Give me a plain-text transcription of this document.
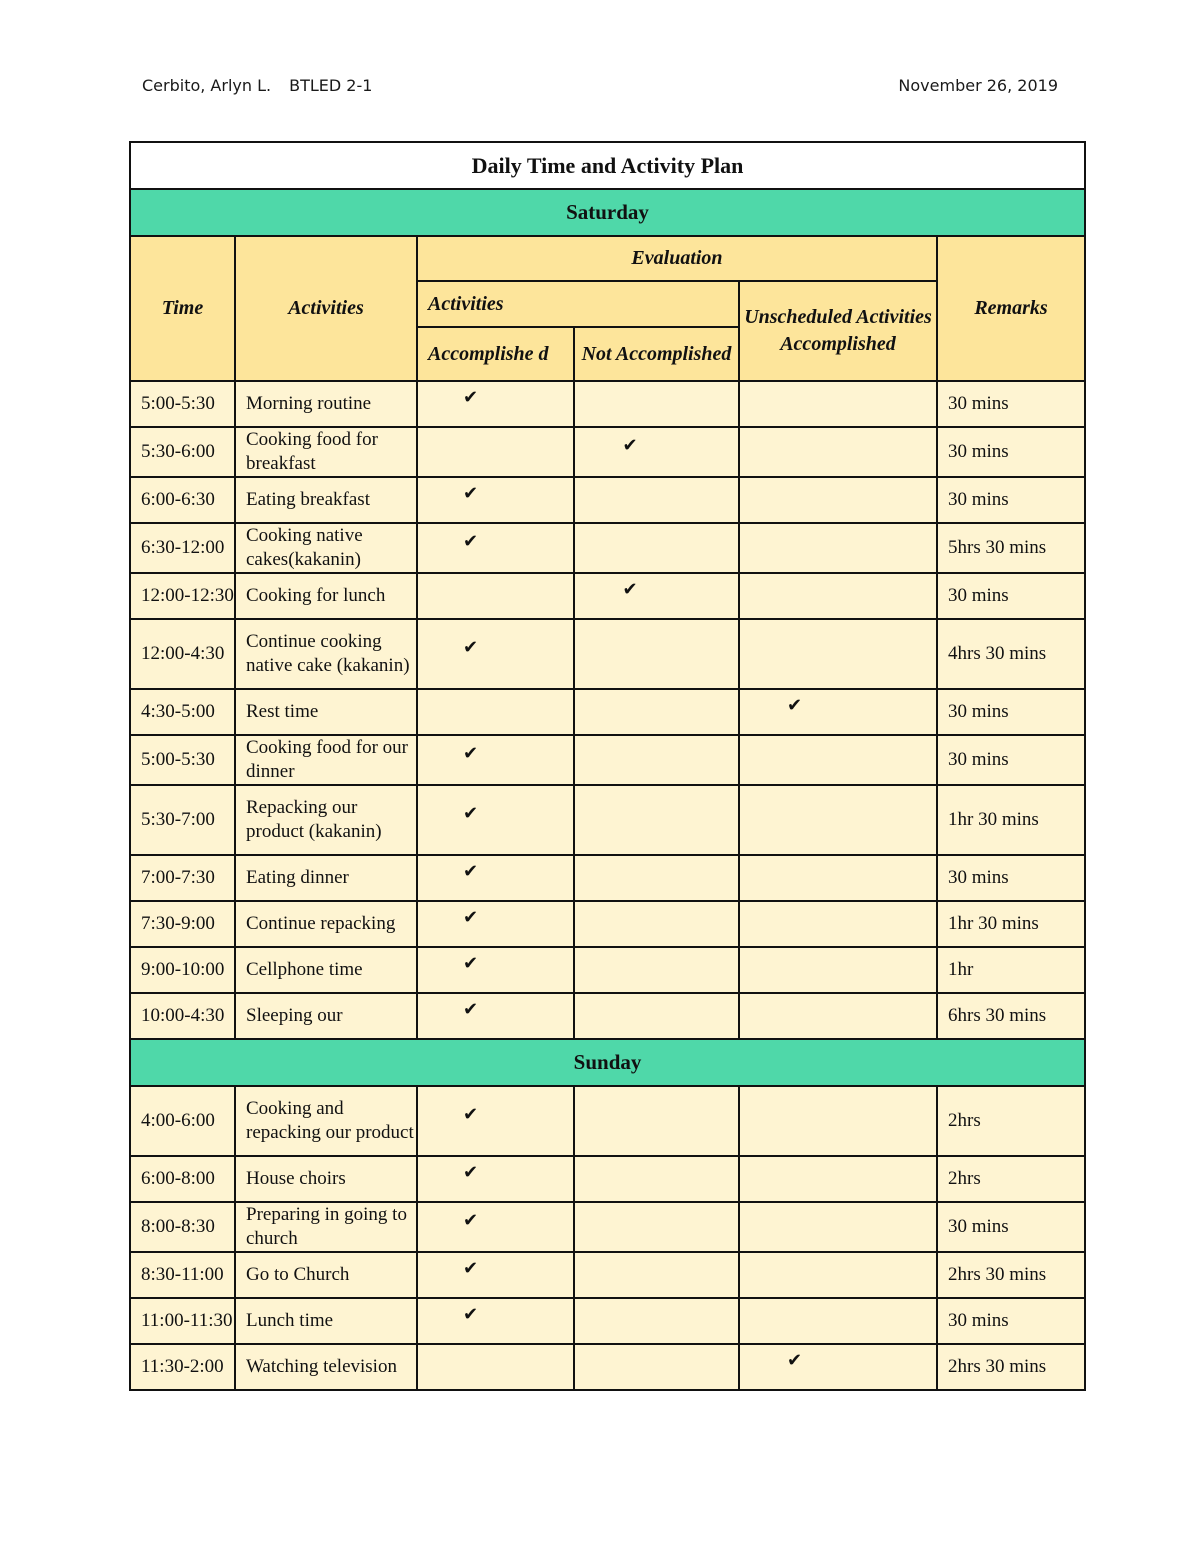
Cerbito, Arlyn L. BTLED 2-1	November 26, 2019
Daily Time and Activity Plan					
Saturday					
Time	Activities	Evaluation			Remarks
		Activities		Unscheduled Activities Accomplished	
		Accomplishe d	Not Accomplished		
5:00-5:30	Morning routine	✔			30 mins
5:30-6:00	Cooking food for breakfast		✔		30 mins
6:00-6:30	Eating breakfast	✔			30 mins
6:30-12:00	Cooking native cakes(kakanin)	✔			5hrs 30 mins
12:00-12:30	Cooking for lunch		✔		30 mins
12:00-4:30	Continue cooking native cake (kakanin)	✔			4hrs 30 mins
4:30-5:00	Rest time			✔	30 mins
5:00-5:30	Cooking food for our dinner	✔			30 mins
5:30-7:00	Repacking our product (kakanin)	✔			1hr 30 mins
7:00-7:30	Eating dinner	✔			30 mins
7:30-9:00	Continue repacking	✔			1hr 30 mins
9:00-10:00	Cellphone time	✔			1hr
10:00-4:30	Sleeping our	✔			6hrs 30 mins
Sunday					
4:00-6:00	Cooking and repacking our product	✔			2hrs
6:00-8:00	House choirs	✔			2hrs
8:00-8:30	Preparing in going to church	✔			30 mins
8:30-11:00	Go to Church	✔			2hrs 30 mins
11:00-11:30	Lunch time	✔			30 mins
11:30-2:00	Watching television			✔	2hrs 30 mins
